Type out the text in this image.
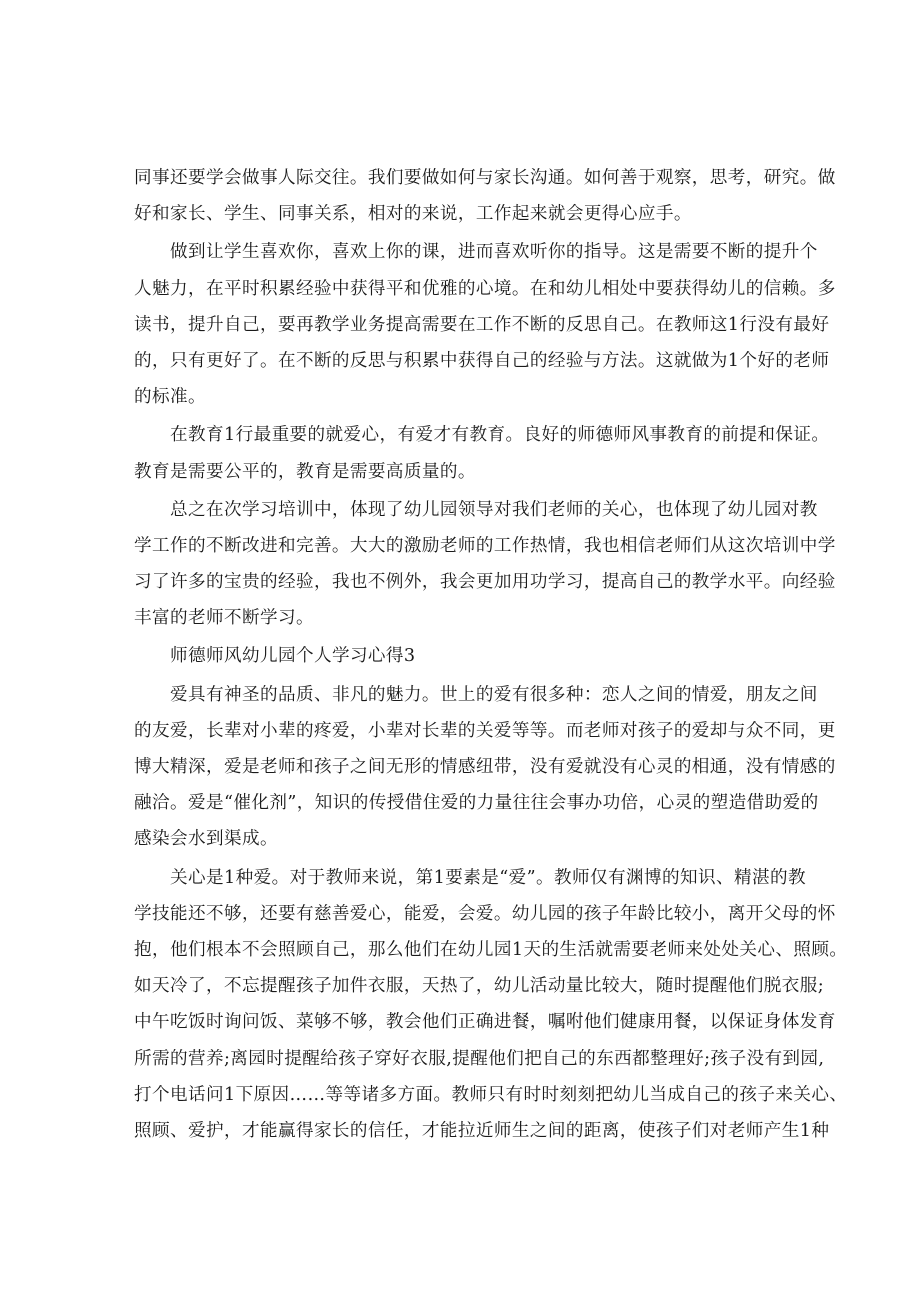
同事还要学会做事人际交往。我们要做如何与家长沟通。如何善于观察，思考，研究。做
好和家长、学生、同事关系，相对的来说，工作起来就会更得心应手。
做到让学生喜欢你，喜欢上你的课，进而喜欢听你的指导。这是需要不断的提升个
人魅力，在平时积累经验中获得平和优雅的心境。在和幼儿相处中要获得幼儿的信赖。多
读书，提升自己，要再教学业务提高需要在工作不断的反思自己。在教师这1行没有最好
的，只有更好了。在不断的反思与积累中获得自己的经验与方法。这就做为1个好的老师
的标准。
在教育1行最重要的就爱心，有爱才有教育。良好的师德师风事教育的前提和保证。
教育是需要公平的，教育是需要高质量的。
总之在次学习培训中，体现了幼儿园领导对我们老师的关心，也体现了幼儿园对教
学工作的不断改进和完善。大大的激励老师的工作热情，我也相信老师们从这次培训中学
习了许多的宝贵的经验，我也不例外，我会更加用功学习，提高自己的教学水平。向经验
丰富的老师不断学习。
师德师风幼儿园个人学习心得3
爱具有神圣的品质、非凡的魅力。世上的爱有很多种：恋人之间的情爱，朋友之间
的友爱，长辈对小辈的疼爱，小辈对长辈的关爱等等。而老师对孩子的爱却与众不同，更
博大精深，爱是老师和孩子之间无形的情感纽带，没有爱就没有心灵的相通，没有情感的
融洽。爱是“催化剂”，知识的传授借住爱的力量往往会事办功倍，心灵的塑造借助爱的
感染会水到渠成。
关心是1种爱。对于教师来说，第1要素是“爱”。教师仅有渊博的知识、精湛的教
学技能还不够，还要有慈善爱心，能爱，会爱。幼儿园的孩子年龄比较小，离开父母的怀
抱，他们根本不会照顾自己，那么他们在幼儿园1天的生活就需要老师来处处关心、照顾。
如天冷了，不忘提醒孩子加件衣服，天热了，幼儿活动量比较大，随时提醒他们脱衣服;
中午吃饭时询问饭、菜够不够，教会他们正确进餐，嘱咐他们健康用餐，以保证身体发育
所需的营养;离园时提醒给孩子穿好衣服,提醒他们把自己的东西都整理好;孩子没有到园,
打个电话问1下原因……等等诸多方面。教师只有时时刻刻把幼儿当成自己的孩子来关心、
照顾、爱护，才能赢得家长的信任，才能拉近师生之间的距离，使孩子们对老师产生1种
